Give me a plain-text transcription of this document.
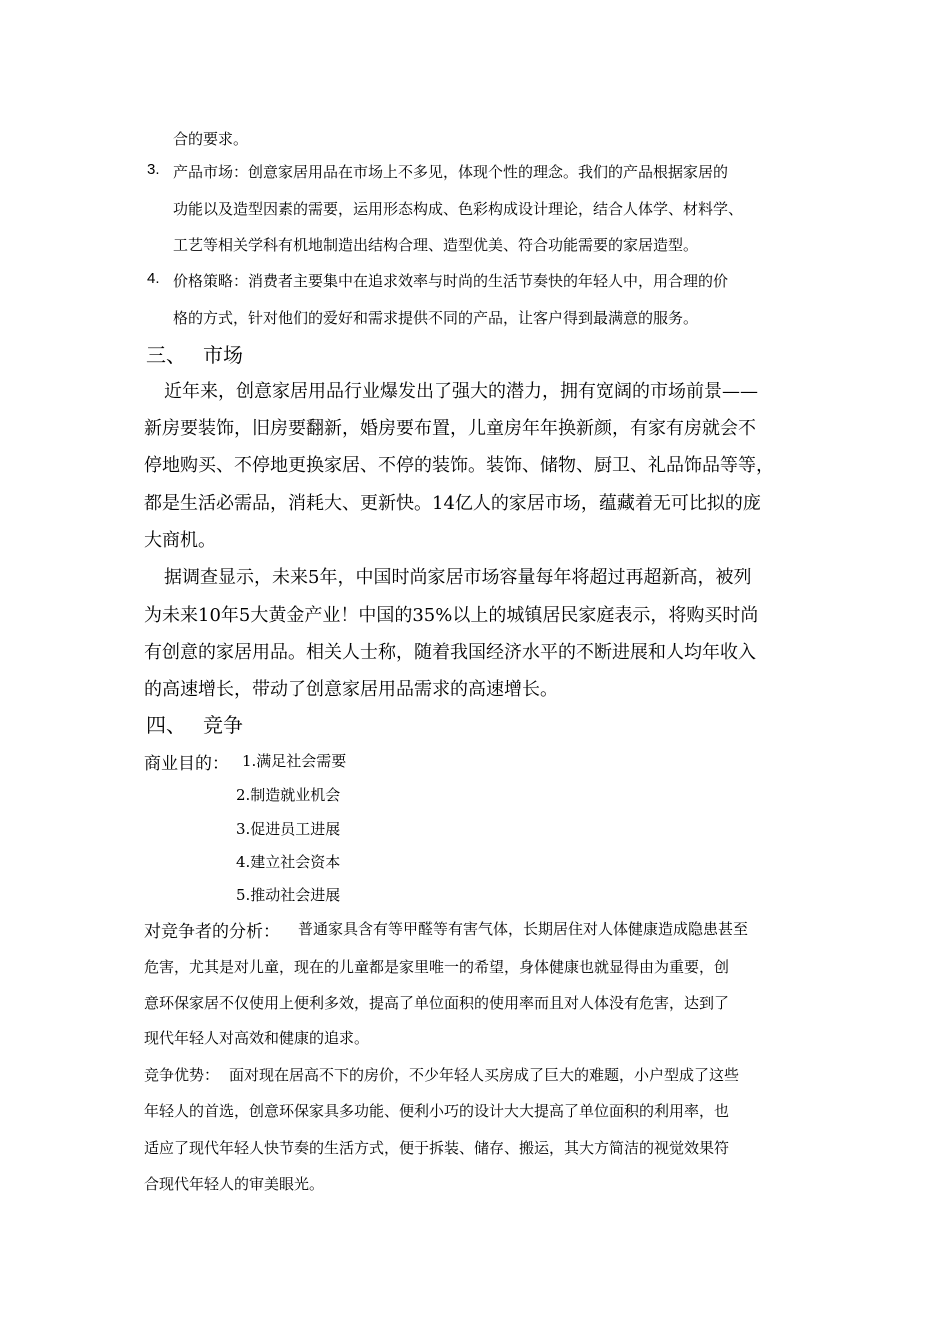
合的要求。
3. 产品市场：创意家居用品在市场上不多见，体现个性的理念。我们的产品根据家居的
功能以及造型因素的需要，运用形态构成、色彩构成设计理论，结合人体学、材料学、
工艺等相关学科有机地制造出结构合理、造型优美、符合功能需要的家居造型。
4. 价格策略：消费者主要集中在追求效率与时尚的生活节奏快的年轻人中，用合理的价
格的方式，针对他们的爱好和需求提供不同的产品，让客户得到最满意的服务。
三、 市场
近年来，创意家居用品行业爆发出了强大的潜力，拥有宽阔的市场前景——
新房要装饰，旧房要翻新，婚房要布置，儿童房年年换新颜，有家有房就会不
停地购买、不停地更换家居、不停的装饰。装饰、储物、厨卫、礼品饰品等等，
都是生活必需品，消耗大、更新快。14亿人的家居市场，蕴藏着无可比拟的庞
大商机。
据调查显示，未来5年，中国时尚家居市场容量每年将超过再超新高，被列
为未来10年5大黄金产业！中国的35%以上的城镇居民家庭表示，将购买时尚
有创意的家居用品。相关人士称，随着我国经济水平的不断进展和人均年收入
的高速增长，带动了创意家居用品需求的高速增长。
四、 竞争
商业目的： 1.满足社会需要
2.制造就业机会
3.促进员工进展
4.建立社会资本
5.推动社会进展
对竞争者的分析： 普通家具含有等甲醛等有害气体，长期居住对人体健康造成隐患甚至
危害，尤其是对儿童，现在的儿童都是家里唯一的希望，身体健康也就显得由为重要，创
意环保家居不仅使用上便利多效，提高了单位面积的使用率而且对人体没有危害，达到了
现代年轻人对高效和健康的追求。
竞争优势： 面对现在居高不下的房价，不少年轻人买房成了巨大的难题，小户型成了这些
年轻人的首选，创意环保家具多功能、便利小巧的设计大大提高了单位面积的利用率，也
适应了现代年轻人快节奏的生活方式，便于拆装、储存、搬运，其大方简洁的视觉效果符
合现代年轻人的审美眼光。
